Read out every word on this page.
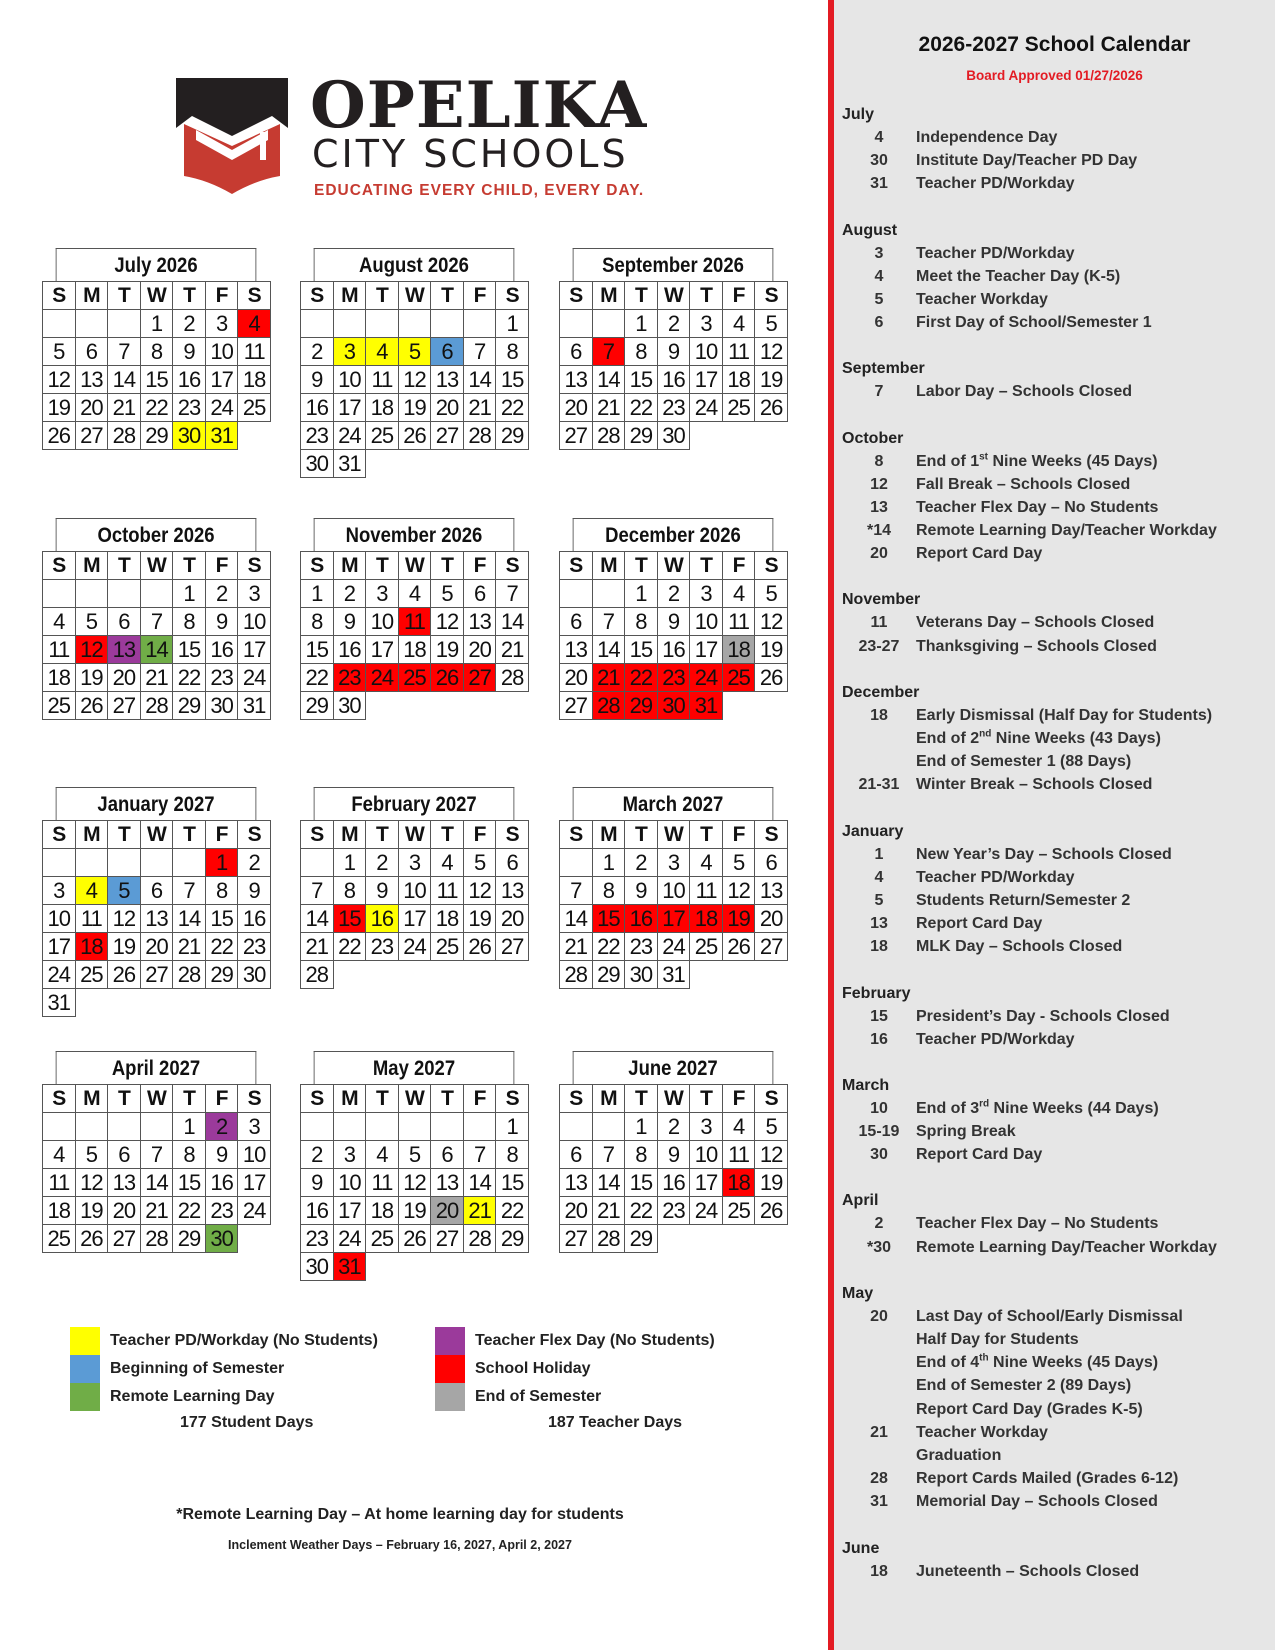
OPELIKA
CITY SCHOOLS
EDUCATING EVERY CHILD, EVERY DAY.
July 2026
S	M	T	W	T	F	S
			1	2	3	4
5	6	7	8	9	10	11
12	13	14	15	16	17	18
19	20	21	22	23	24	25
26	27	28	29	30	31	
August 2026
S	M	T	W	T	F	S
						1
2	3	4	5	6	7	8
9	10	11	12	13	14	15
16	17	18	19	20	21	22
23	24	25	26	27	28	29
30	31					
September 2026
S	M	T	W	T	F	S
		1	2	3	4	5
6	7	8	9	10	11	12
13	14	15	16	17	18	19
20	21	22	23	24	25	26
27	28	29	30			
October 2026
S	M	T	W	T	F	S
				1	2	3
4	5	6	7	8	9	10
11	12	13	14	15	16	17
18	19	20	21	22	23	24
25	26	27	28	29	30	31
November 2026
S	M	T	W	T	F	S
1	2	3	4	5	6	7
8	9	10	11	12	13	14
15	16	17	18	19	20	21
22	23	24	25	26	27	28
29	30					
December 2026
S	M	T	W	T	F	S
		1	2	3	4	5
6	7	8	9	10	11	12
13	14	15	16	17	18	19
20	21	22	23	24	25	26
27	28	29	30	31		
January 2027
S	M	T	W	T	F	S
					1	2
3	4	5	6	7	8	9
10	11	12	13	14	15	16
17	18	19	20	21	22	23
24	25	26	27	28	29	30
31						
February 2027
S	M	T	W	T	F	S
	1	2	3	4	5	6
7	8	9	10	11	12	13
14	15	16	17	18	19	20
21	22	23	24	25	26	27
28						
March 2027
S	M	T	W	T	F	S
	1	2	3	4	5	6
7	8	9	10	11	12	13
14	15	16	17	18	19	20
21	22	23	24	25	26	27
28	29	30	31			
April 2027
S	M	T	W	T	F	S
				1	2	3
4	5	6	7	8	9	10
11	12	13	14	15	16	17
18	19	20	21	22	23	24
25	26	27	28	29	30	
May 2027
S	M	T	W	T	F	S
						1
2	3	4	5	6	7	8
9	10	11	12	13	14	15
16	17	18	19	20	21	22
23	24	25	26	27	28	29
30	31					
June 2027
S	M	T	W	T	F	S
		1	2	3	4	5
6	7	8	9	10	11	12
13	14	15	16	17	18	19
20	21	22	23	24	25	26
27	28	29				
Teacher PD/Workday (No Students)
Beginning of Semester
Remote Learning Day
Teacher Flex Day (No Students)
School Holiday
End of Semester
177 Student Days	187 Teacher Days
*Remote Learning Day – At home learning day for students
Inclement Weather Days – February 16, 2027, April 2, 2027
2026-2027 School Calendar
Board Approved 01/27/2026
July
4	Independence Day
30	Institute Day/Teacher PD Day
31	Teacher PD/Workday
August
3	Teacher PD/Workday
4	Meet the Teacher Day (K-5)
5	Teacher Workday
6	First Day of School/Semester 1
September
7	Labor Day – Schools Closed
October
8	End of 1st Nine Weeks (45 Days)
12	Fall Break – Schools Closed
13	Teacher Flex Day – No Students
*14	Remote Learning Day/Teacher Workday
20	Report Card Day
November
11	Veterans Day – Schools Closed
23-27	Thanksgiving – Schools Closed
December
18	Early Dismissal (Half Day for Students)
End of 2nd Nine Weeks (43 Days)
End of Semester 1 (88 Days)
21-31	Winter Break – Schools Closed
January
1	New Year’s Day – Schools Closed
4	Teacher PD/Workday
5	Students Return/Semester 2
13	Report Card Day
18	MLK Day – Schools Closed
February
15	President’s Day - Schools Closed
16	Teacher PD/Workday
March
10	End of 3rd Nine Weeks (44 Days)
15-19	Spring Break
30	Report Card Day
April
2	Teacher Flex Day – No Students
*30	Remote Learning Day/Teacher Workday
May
20	Last Day of School/Early Dismissal
Half Day for Students
End of 4th Nine Weeks (45 Days)
End of Semester 2 (89 Days)
Report Card Day (Grades K-5)
21	Teacher Workday
Graduation
28	Report Cards Mailed (Grades 6-12)
31	Memorial Day – Schools Closed
June
18	Juneteenth – Schools Closed
